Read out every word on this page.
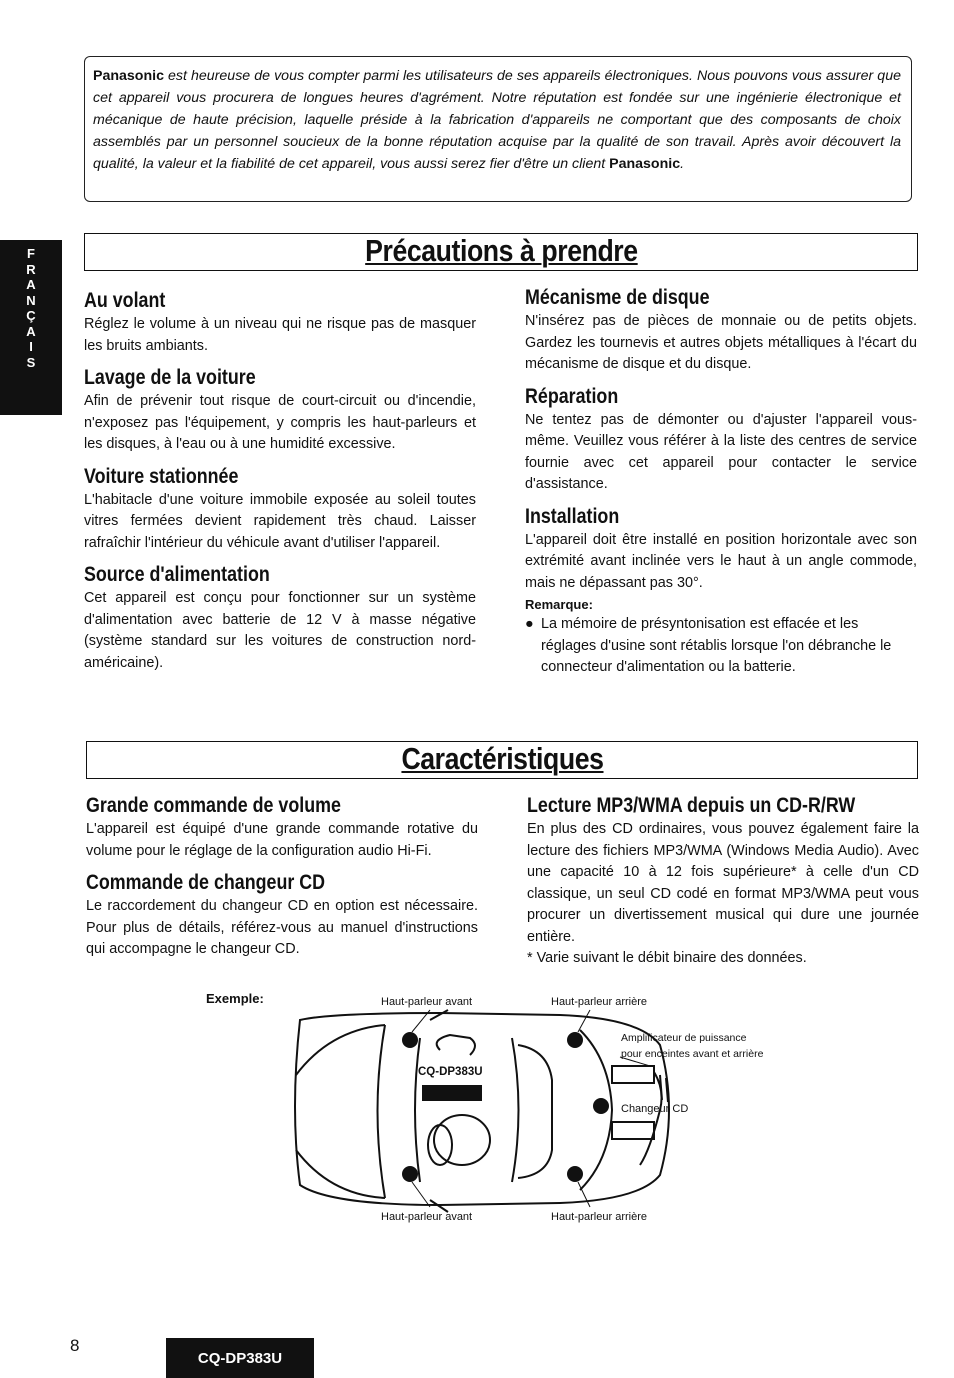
Panasonic est heureuse de vous compter parmi les utilisateurs de ses appareils électroniques. Nous pouvons vous assurer que cet appareil vous procurera de longues heures d'agrément. Notre réputation est fondée sur une ingénierie électronique et mécanique de haute précision, laquelle préside à la fabrication d'appareils ne comportant que des composants de choix assemblés par un personnel soucieux de la bonne réputation acquise par la qualité de son travail. Après avoir découvert la qualité, la valeur et la fiabilité de cet appareil, vous aussi serez fier d'être un client Panasonic.
F
R
A
N
Ç
A
I
S
Précautions à prendre
Au volant

Réglez le volume à un niveau qui ne risque pas de masquer les bruits ambiants.

Lavage de la voiture

Afin de prévenir tout risque de court-circuit ou d'incendie, n'exposez pas l'équipement, y compris les haut-parleurs et les disques, à l'eau ou à une humidité excessive.

Voiture stationnée

L'habitacle d'une voiture immobile exposée au soleil toutes vitres fermées devient rapidement très chaud. Laisser rafraîchir l'intérieur du véhicule avant d'utiliser l'appareil.

Source d'alimentation

Cet appareil est conçu pour fonctionner sur un système d'alimentation avec batterie de 12 V à masse négative (système standard sur les voitures de construction nord-américaine).

Mécanisme de disque

N'insérez pas de pièces de monnaie ou de petits objets. Gardez les tournevis et autres objets métalliques à l'écart du mécanisme de disque et du disque.

Réparation

Ne tentez pas de démonter ou d'ajuster l'appareil vous-même. Veuillez vous référer à la liste des centres de service fournie avec cet appareil pour contacter le service d'assistance.

Installation

L'appareil doit être installé en position horizontale avec son extrémité avant inclinée vers le haut à un angle commode, mais ne dépassant pas 30°.

Remarque:
● La mémoire de présyntonisation est effacée et les réglages d'usine sont rétablis lorsque l'on débranche le connecteur d'alimentation ou la batterie.
Caractéristiques
Grande commande de volume

L'appareil est équipé d'une grande commande rotative du volume pour le réglage de la configuration audio Hi-Fi.

Commande de changeur CD

Le raccordement du changeur CD en option est nécessaire. Pour plus de détails, référez-vous au manuel d'instructions qui accompagne le changeur CD.

Lecture MP3/WMA depuis un CD-R/RW

En plus des CD ordinaires, vous pouvez également faire la lecture des fichiers MP3/WMA (Windows Media Audio). Avec une capacité 10 à 12 fois supérieure* à celle d'un CD classique, un seul CD codé en format MP3/WMA peut vous procurer un divertissement musical qui dure une journée entière.

* Varie suivant le débit binaire des données.

Exemple:	Haut-parleur avant	Haut-parleur arrière
Amplificateur de puissance
pour enceintes avant et arrière
Changeur CD
Haut-parleur avant	Haut-parleur arrière
CQ-DP383U
8
CQ-DP383U
